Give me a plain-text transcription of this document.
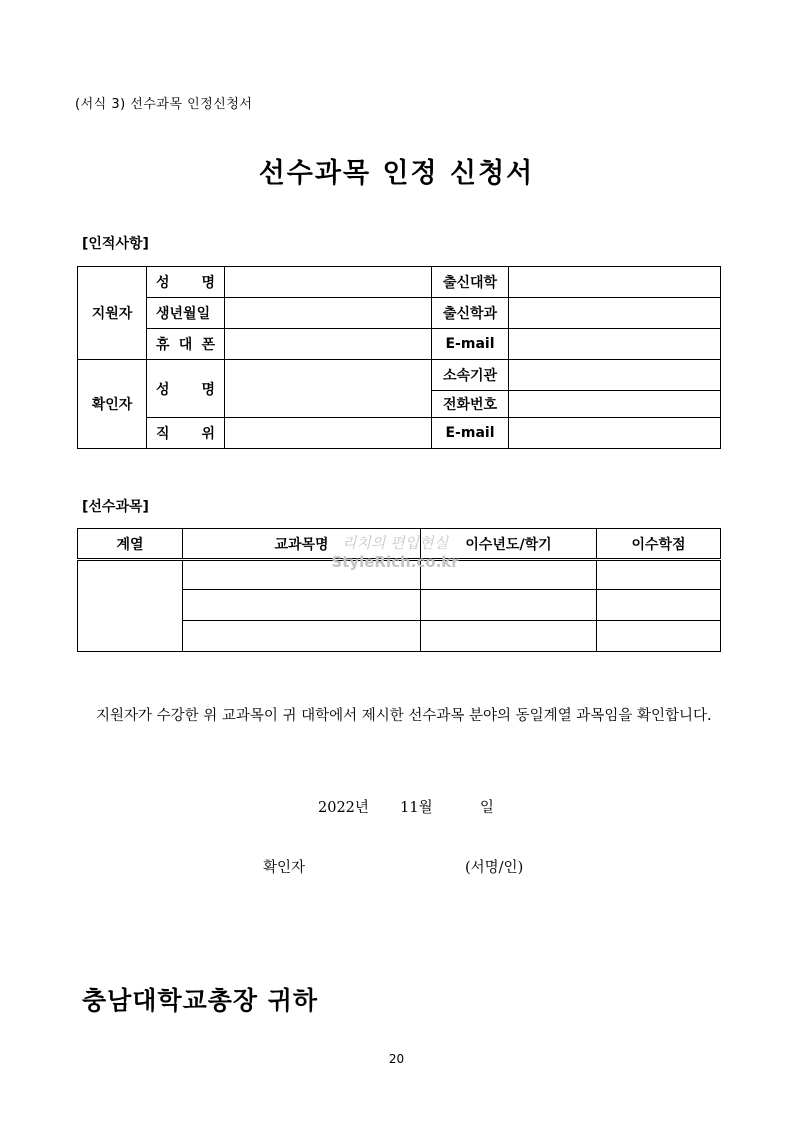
(서식 3) 선수과목 인정신청서
선수과목 인정 신청서
[인적사항]
지원자	성 명		출신대학	
	생년월일		출신학과	
	휴 대 폰		E-mail	
확인자	성 명		소속기관	
			전화번호	
	직 위		E-mail	
[선수과목]
계열	교과목명	이수년도/학기	이수학점

리치의 편입현실
StyleRich.co.kr
지원자가 수강한 위 교과목이 귀 대학에서 제시한 선수과목 분야의 동일계열 과목임을 확인합니다.
2022년 11월	일
확인자	(서명/인)
충남대학교총장 귀하
20
